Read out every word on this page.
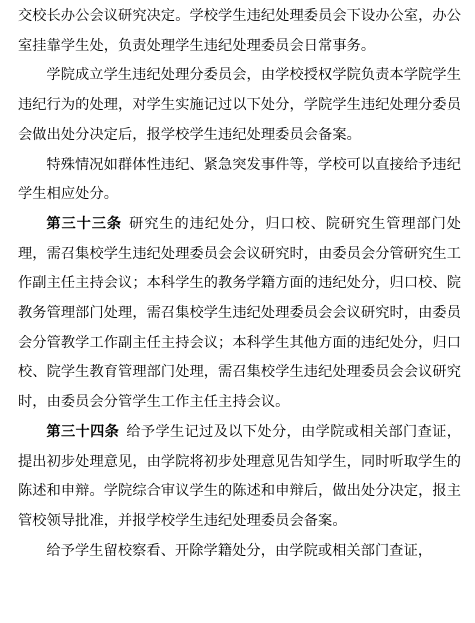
交校长办公会议研究决定。学校学生违纪处理委员会下设办公室，办公室挂靠学生处，负责处理学生违纪处理委员会日常事务。

学院成立学生违纪处理分委员会，由学校授权学院负责本学院学生违纪行为的处理，对学生实施记过以下处分，学院学生违纪处理分委员会做出处分决定后，报学校学生违纪处理委员会备案。

特殊情况如群体性违纪、紧急突发事件等，学校可以直接给予违纪学生相应处分。

第三十三条 研究生的违纪处分，归口校、院研究生管理部门处理，需召集校学生违纪处理委员会会议研究时，由委员会分管研究生工作副主任主持会议；本科学生的教务学籍方面的违纪处分，归口校、院教务管理部门处理，需召集校学生违纪处理委员会会议研究时，由委员会分管教学工作副主任主持会议；本科学生其他方面的违纪处分，归口校、院学生教育管理部门处理，需召集校学生违纪处理委员会会议研究时，由委员会分管学生工作主任主持会议。

第三十四条 给予学生记过及以下处分，由学院或相关部门查证，提出初步处理意见，由学院将初步处理意见告知学生，同时听取学生的陈述和申辩。学院综合审议学生的陈述和申辩后，做出处分决定，报主管校领导批准，并报学校学生违纪处理委员会备案。

给予学生留校察看、开除学籍处分，由学院或相关部门查证，
